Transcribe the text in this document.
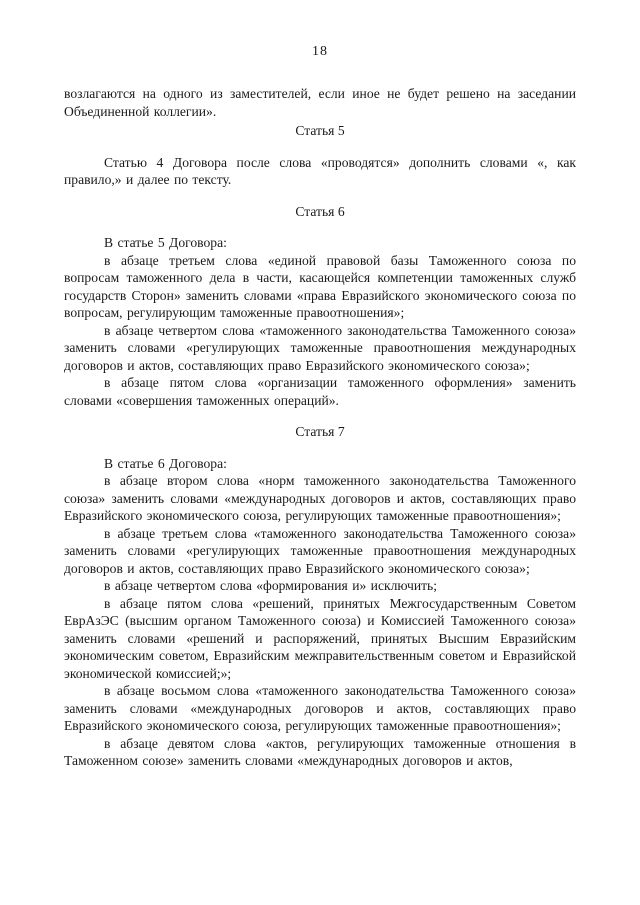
18
возлагаются на одного из заместителей, если иное не будет решено на заседании Объединенной коллегии».
Статья 5
Статью 4 Договора после слова «проводятся» дополнить словами «, как правило,» и далее по тексту.
Статья 6
В статье 5 Договора:
в абзаце третьем слова «единой правовой базы Таможенного союза по вопросам таможенного дела в части, касающейся компетенции таможенных служб государств Сторон» заменить словами «права Евразийского экономического союза по вопросам, регулирующим таможенные правоотношения»;
в абзаце четвертом слова «таможенного законодательства Таможенного союза» заменить словами «регулирующих таможенные правоотношения международных договоров и актов, составляющих право Евразийского экономического союза»;
в абзаце пятом слова «организации таможенного оформления» заменить словами «совершения таможенных операций».
Статья 7
В статье 6 Договора:
в абзаце втором слова «норм таможенного законодательства Таможенного союза» заменить словами «международных договоров и актов, составляющих право Евразийского экономического союза, регулирующих таможенные правоотношения»;
в абзаце третьем слова «таможенного законодательства Таможенного союза» заменить словами «регулирующих таможенные правоотношения международных договоров и актов, составляющих право Евразийского экономического союза»;
в абзаце четвертом слова «формирования и» исключить;
в абзаце пятом слова «решений, принятых Межгосударственным Советом ЕврАзЭС (высшим органом Таможенного союза) и Комиссией Таможенного союза» заменить словами «решений и распоряжений, принятых Высшим Евразийским экономическим советом, Евразийским межправительственным советом и Евразийской экономической комиссией;»;
в абзаце восьмом слова «таможенного законодательства Таможенного союза» заменить словами «международных договоров и актов, составляющих право Евразийского экономического союза, регулирующих таможенные правоотношения»;
в абзаце девятом слова «актов, регулирующих таможенные отношения в Таможенном союзе» заменить словами «международных договоров и актов,
